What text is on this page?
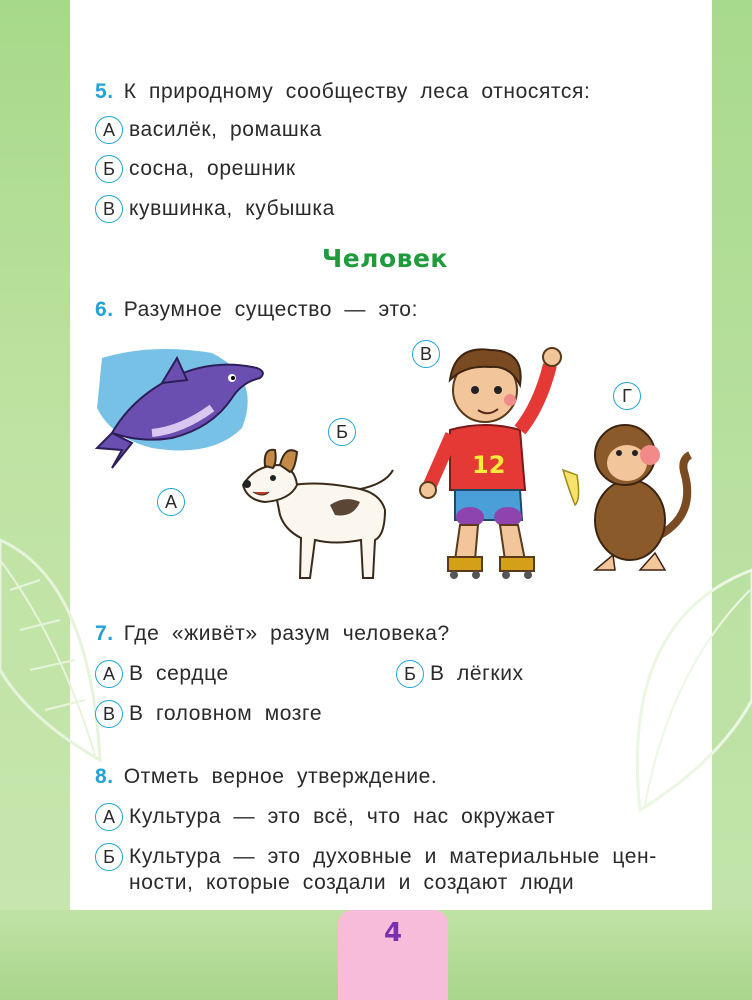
5. К природному сообществу леса относятся:
А василёк, ромашка
Б сосна, орешник
В кувшинка, кубышка
Человек
6. Разумное существо — это:
А
Б
12
В
Г
7. Где «живёт» разум человека?
А В сердце	Б В лёгких
В В головном мозге
8. Отметь верное утверждение.
А Культура — это всё, что нас окружает
Б Культура — это духовные и материальные цен-
ности, которые создали и создают люди
4
